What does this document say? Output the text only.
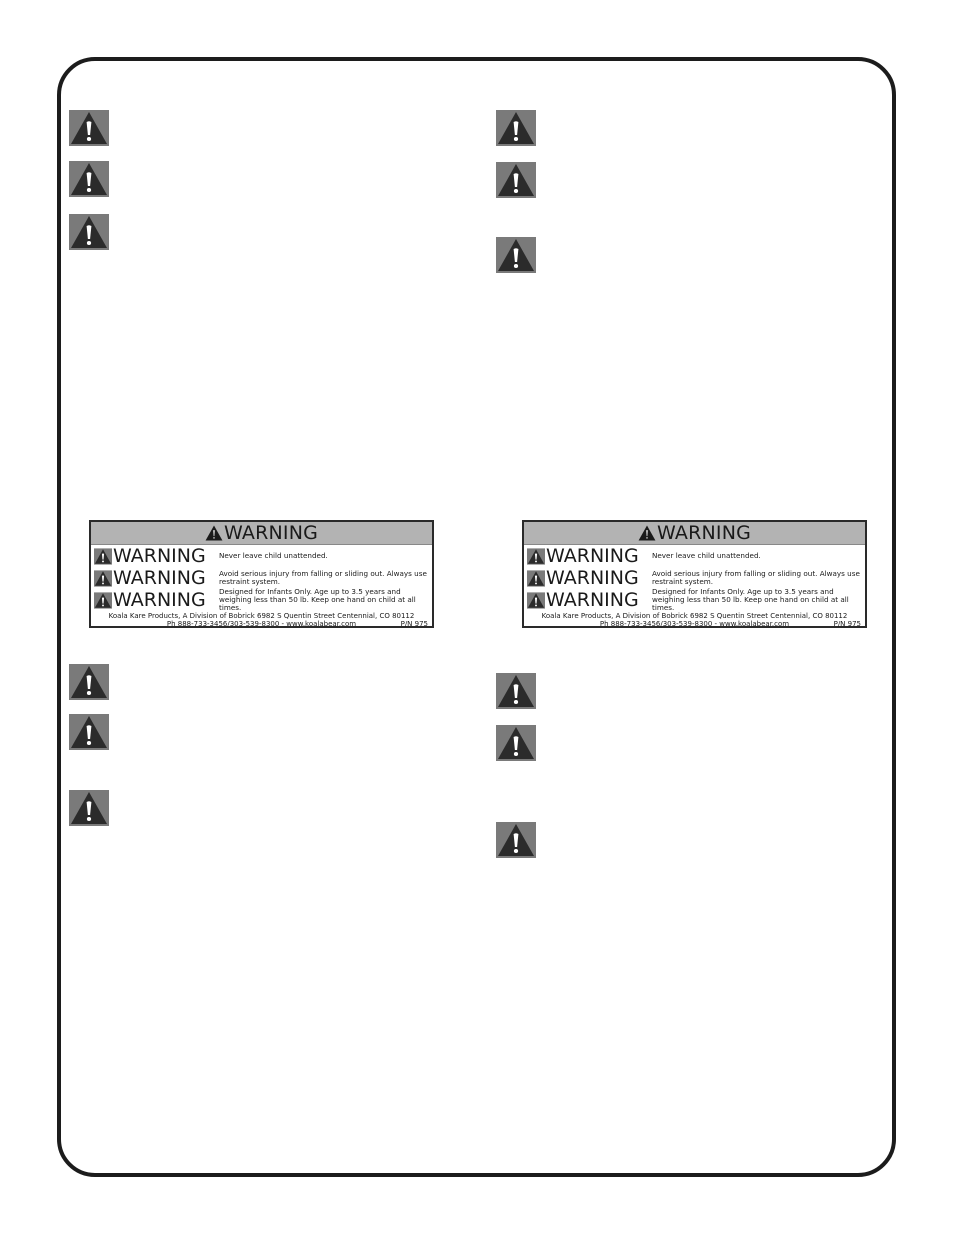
WARNING
WARNING	Never leave child unattended.
WARNING	Avoid serious injury from falling or sliding out. Always use restraint system.
WARNING	Designed for Infants Only. Age up to 3.5 years and weighing less than 50 lb. Keep one hand on child at all times.
Koala Kare Products, A Division of Bobrick 6982 S Quentin Street Centennial, CO 80112
Ph 888-733-3456/303-539-8300 - www.koalabear.com	P/N 975
WARNING
WARNING	Never leave child unattended.
WARNING	Avoid serious injury from falling or sliding out. Always use restraint system.
WARNING	Designed for Infants Only. Age up to 3.5 years and weighing less than 50 lb. Keep one hand on child at all times.
Koala Kare Products, A Division of Bobrick 6982 S Quentin Street Centennial, CO 80112
Ph 888-733-3456/303-539-8300 - www.koalabear.com	P/N 975
